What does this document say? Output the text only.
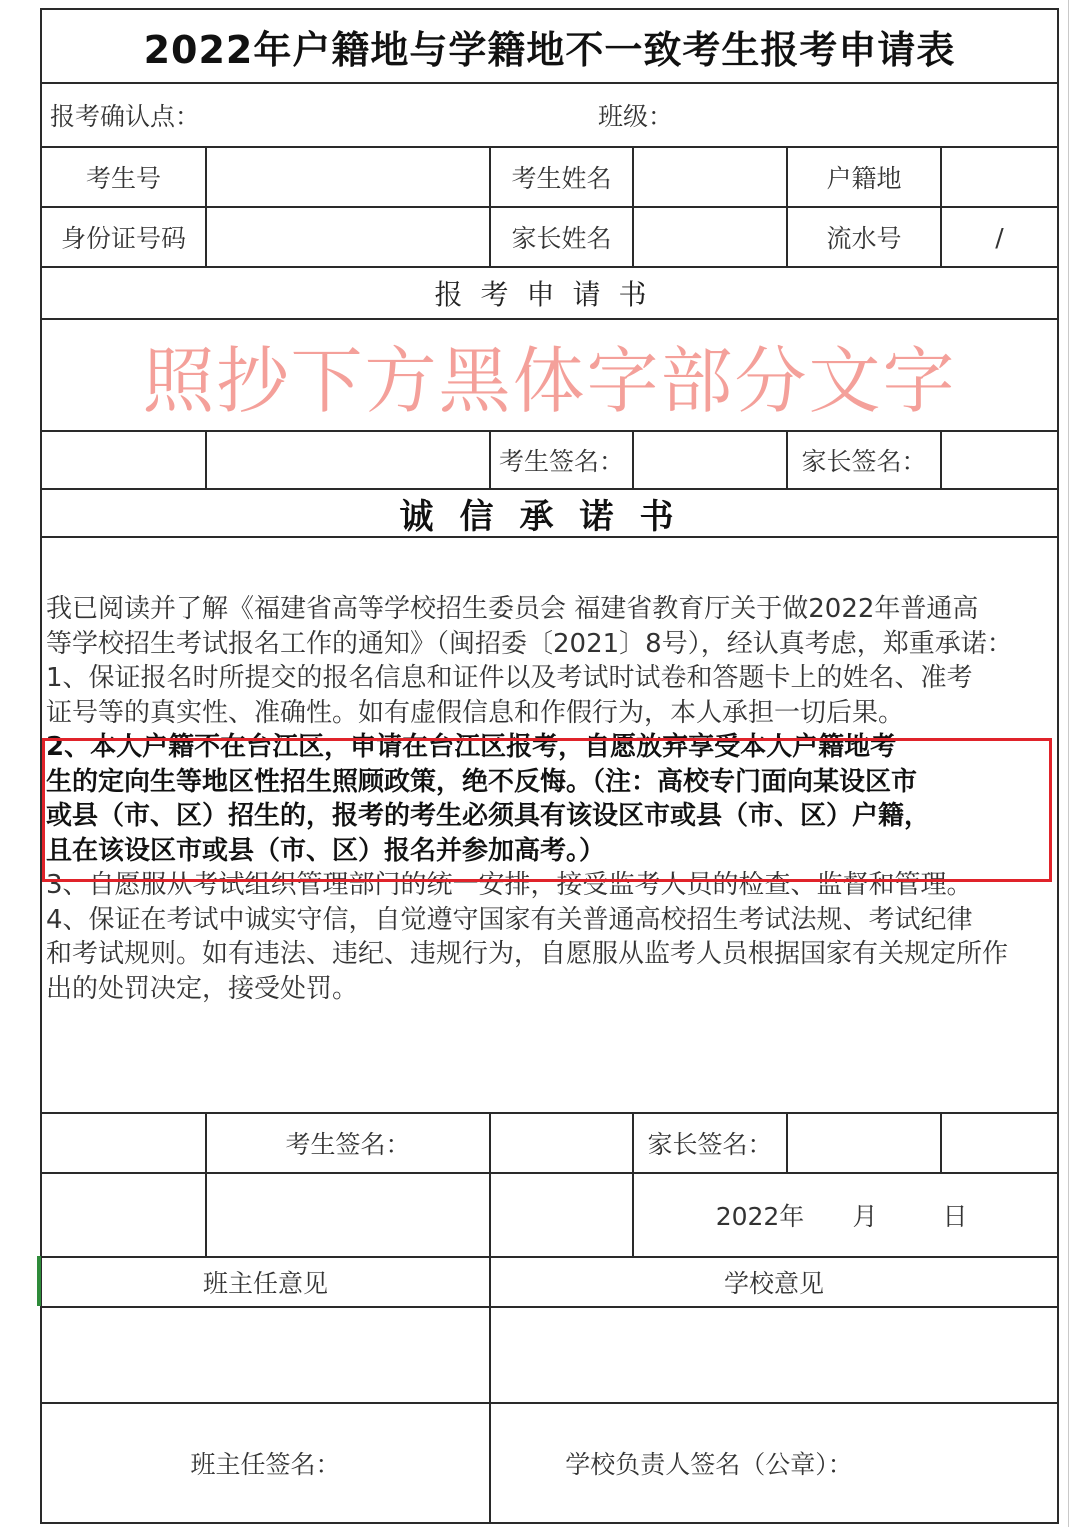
2022年户籍地与学籍地不一致考生报考申请表
报考确认点：	班级：
考生号	考生姓名	户籍地
身份证号码	家长姓名	流水号	/
报考申请书
照抄下方黑体字部分文字
考生签名：	家长签名：
诚信承诺书

我已阅读并了解《福建省高等学校招生委员会 福建省教育厅关于做2022年普通高

等学校招生考试报名工作的通知》（闽招委〔2021〕8号），经认真考虑，郑重承诺：

1、保证报名时所提交的报名信息和证件以及考试时试卷和答题卡上的姓名、准考

证号等的真实性、准确性。如有虚假信息和作假行为，本人承担一切后果。

2、本人户籍不在台江区，申请在台江区报考，自愿放弃享受本人户籍地考

生的定向生等地区性招生照顾政策，绝不反悔。（注：高校专门面向某设区市

或县（市、区）招生的，报考的考生必须具有该设区市或县（市、区）户籍，

且在该设区市或县（市、区）报名并参加高考。）

3、自愿服从考试组织管理部门的统一安排，接受监考人员的检查、监督和管理。

4、保证在考试中诚实守信，自觉遵守国家有关普通高校招生考试法规、考试纪律

和考试规则。如有违法、违纪、违规行为，自愿服从监考人员根据国家有关规定所作

出的处罚决定，接受处罚。

考生签名：	家长签名：
2022年	月	日
班主任意见	学校意见
班主任签名：	学校负责人签名（公章）：
